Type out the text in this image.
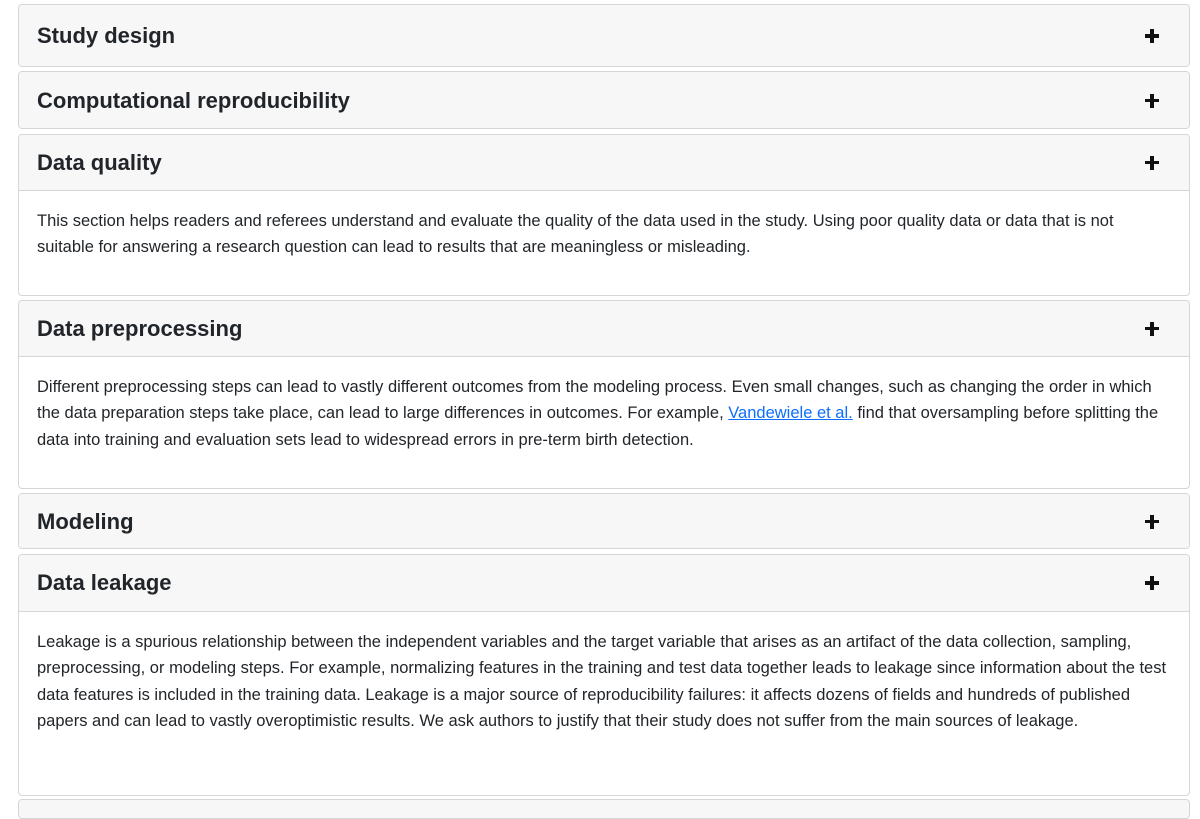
Study design
Computational reproducibility
Data quality
This section helps readers and referees understand and evaluate the quality of the data used in the study. Using poor quality data or data that is not suitable for answering a research question can lead to results that are meaningless or misleading.
Data preprocessing
Different preprocessing steps can lead to vastly different outcomes from the modeling process. Even small changes, such as changing the order in which the data preparation steps take place, can lead to large differences in outcomes. For example, Vandewiele et al. find that oversampling before splitting the data into training and evaluation sets lead to widespread errors in pre-term birth detection.
Modeling
Data leakage
Leakage is a spurious relationship between the independent variables and the target variable that arises as an artifact of the data collection, sampling, preprocessing, or modeling steps. For example, normalizing features in the training and test data together leads to leakage since information about the test data features is included in the training data. Leakage is a major source of reproducibility failures: it affects dozens of fields and hundreds of published papers and can lead to vastly overoptimistic results. We ask authors to justify that their study does not suffer from the main sources of leakage.
